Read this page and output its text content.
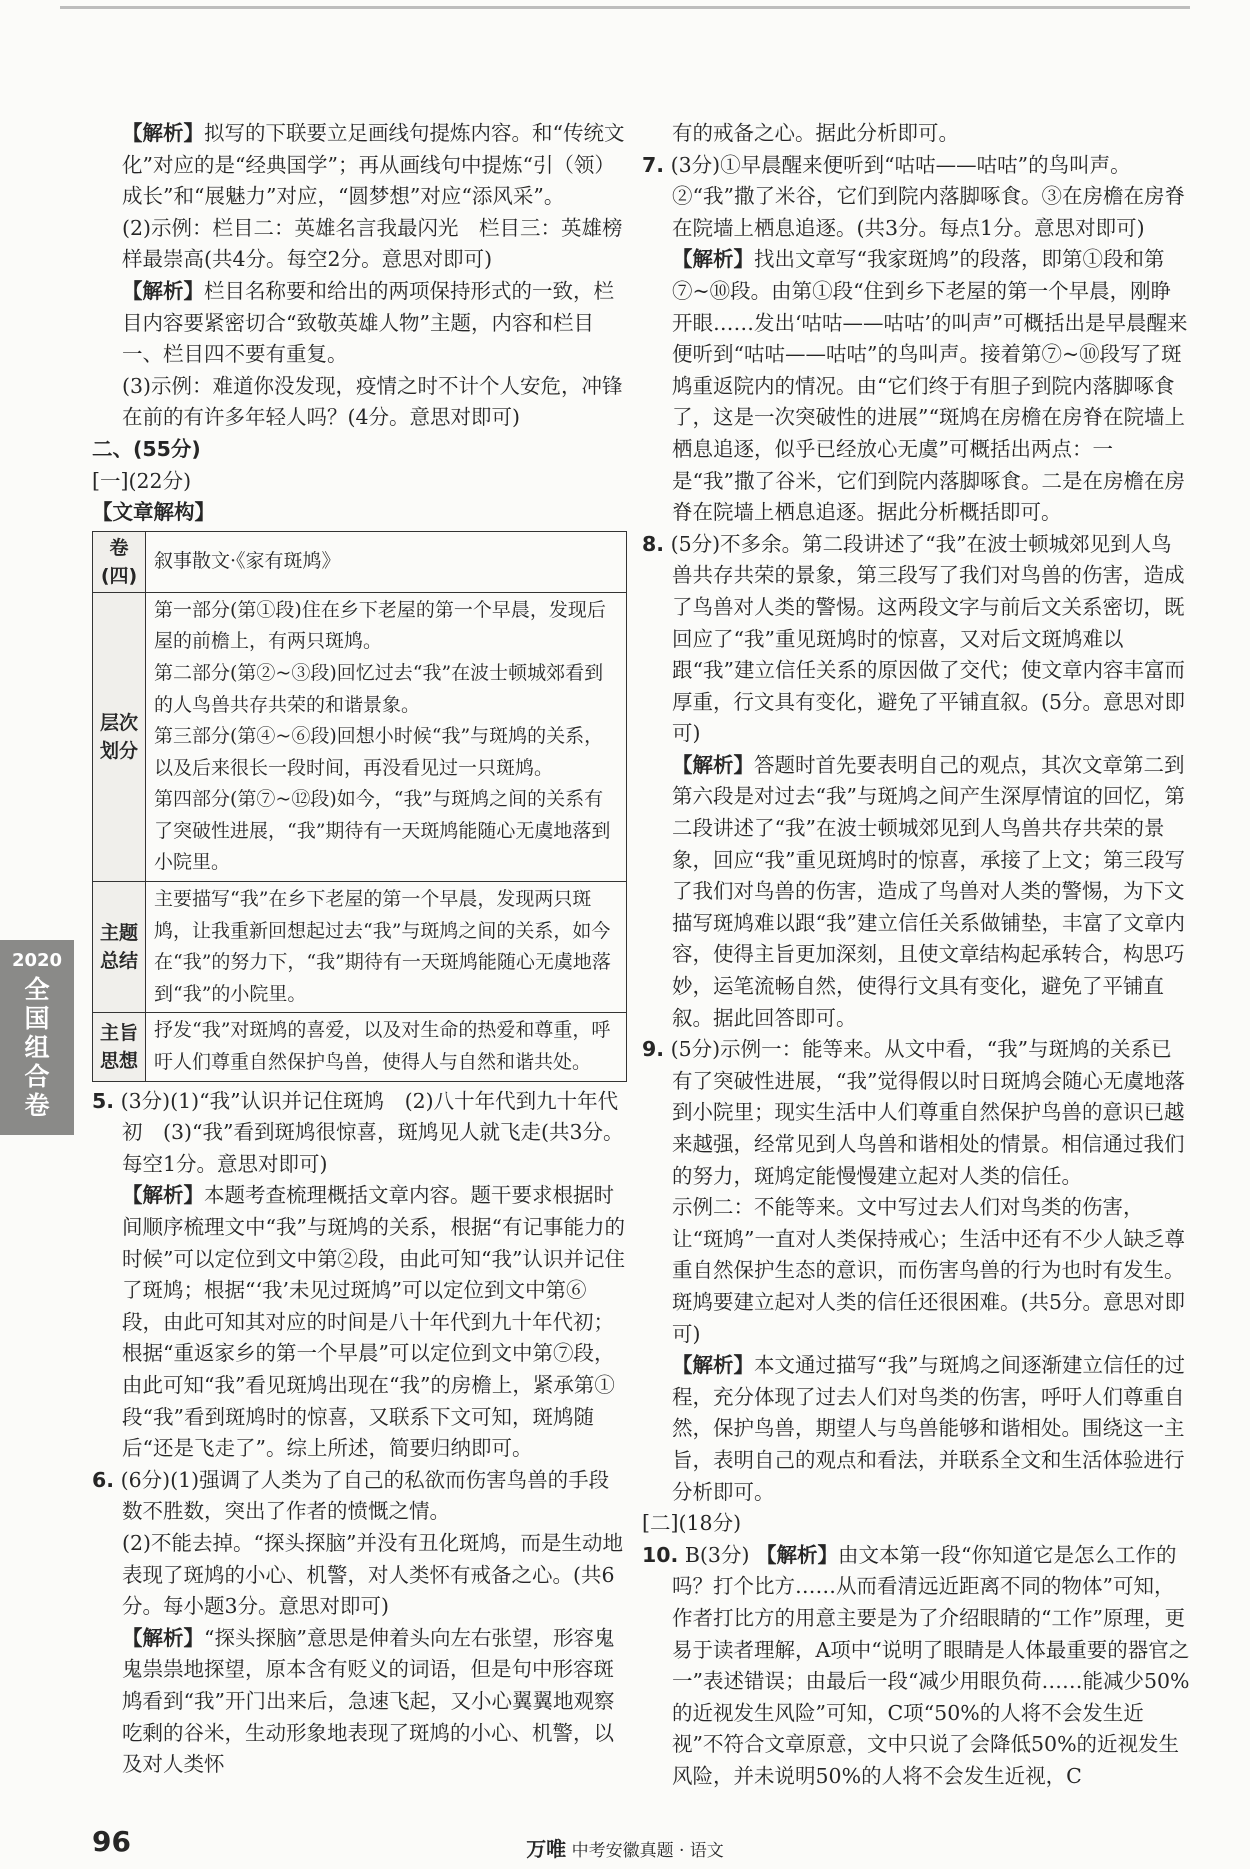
【解析】拟写的下联要立足画线句提炼内容。和“传统文化”对应的是“经典国学”；再从画线句中提炼“引（领）成长”和“展魅力”对应，“圆梦想”对应“添风采”。

(2)示例：栏目二：英雄名言我最闪光　栏目三：英雄榜样最崇高(共4分。每空2分。意思对即可)

【解析】栏目名称要和给出的两项保持形式的一致，栏目内容要紧密切合“致敬英雄人物”主题，内容和栏目一、栏目四不要有重复。

(3)示例：难道你没发现，疫情之时不计个人安危，冲锋在前的有许多年轻人吗？(4分。意思对即可)

二、(55分)

[一](22分)

【文章解构】

卷(四)	叙事散文·《家有斑鸠》
层次划分	第一部分(第①段)住在乡下老屋的第一个早晨，发现后屋的前檐上，有两只斑鸠。
第二部分(第②~③段)回忆过去“我”在波士顿城郊看到的人鸟兽共存共荣的和谐景象。
第三部分(第④~⑥段)回想小时候“我”与斑鸠的关系，以及后来很长一段时间，再没看见过一只斑鸠。
第四部分(第⑦~⑫段)如今，“我”与斑鸠之间的关系有了突破性进展，“我”期待有一天斑鸠能随心无虞地落到小院里。

主题总结	主要描写“我”在乡下老屋的第一个早晨，发现两只斑鸠，让我重新回想起过去“我”与斑鸠之间的关系，如今在“我”的努力下，“我”期待有一天斑鸠能随心无虞地落到“我”的小院里。
主旨思想	抒发“我”对斑鸠的喜爱，以及对生命的热爱和尊重，呼吁人们尊重自然保护鸟兽，使得人与自然和谐共处。

5. (3分)(1)“我”认识并记住斑鸠　(2)八十年代到九十年代初　(3)“我”看到斑鸠很惊喜，斑鸠见人就飞走(共3分。每空1分。意思对即可)

【解析】本题考查梳理概括文章内容。题干要求根据时间顺序梳理文中“我”与斑鸠的关系，根据“有记事能力的时候”可以定位到文中第②段，由此可知“我”认识并记住了斑鸠；根据“‘我’未见过斑鸠”可以定位到文中第⑥段，由此可知其对应的时间是八十年代到九十年代初；根据“重返家乡的第一个早晨”可以定位到文中第⑦段，由此可知“我”看见斑鸠出现在“我”的房檐上，紧承第①段“我”看到斑鸠时的惊喜，又联系下文可知，斑鸠随后“还是飞走了”。综上所述，简要归纳即可。

6. (6分)(1)强调了人类为了自己的私欲而伤害鸟兽的手段数不胜数，突出了作者的愤慨之情。

(2)不能去掉。“探头探脑”并没有丑化斑鸠，而是生动地表现了斑鸠的小心、机警，对人类怀有戒备之心。(共6分。每小题3分。意思对即可)

【解析】“探头探脑”意思是伸着头向左右张望，形容鬼鬼祟祟地探望，原本含有贬义的词语，但是句中形容斑鸠看到“我”开门出来后，急速飞起，又小心翼翼地观察吃剩的谷米，生动形象地表现了斑鸠的小心、机警，以及对人类怀

有的戒备之心。据此分析即可。

7. (3分)①早晨醒来便听到“咕咕——咕咕”的鸟叫声。②“我”撒了米谷，它们到院内落脚啄食。③在房檐在房脊在院墙上栖息追逐。(共3分。每点1分。意思对即可)

【解析】找出文章写“我家斑鸠”的段落，即第①段和第⑦~⑩段。由第①段“住到乡下老屋的第一个早晨，刚睁开眼……发出‘咕咕——咕咕’的叫声”可概括出是早晨醒来便听到“咕咕——咕咕”的鸟叫声。接着第⑦~⑩段写了斑鸠重返院内的情况。由“它们终于有胆子到院内落脚啄食了，这是一次突破性的进展”“斑鸠在房檐在房脊在院墙上栖息追逐，似乎已经放心无虞”可概括出两点：一是“我”撒了谷米，它们到院内落脚啄食。二是在房檐在房脊在院墙上栖息追逐。据此分析概括即可。

8. (5分)不多余。第二段讲述了“我”在波士顿城郊见到人鸟兽共存共荣的景象，第三段写了我们对鸟兽的伤害，造成了鸟兽对人类的警惕。这两段文字与前后文关系密切，既回应了“我”重见斑鸠时的惊喜，又对后文斑鸠难以跟“我”建立信任关系的原因做了交代；使文章内容丰富而厚重，行文具有变化，避免了平铺直叙。(5分。意思对即可)

【解析】答题时首先要表明自己的观点，其次文章第二到第六段是对过去“我”与斑鸠之间产生深厚情谊的回忆，第二段讲述了“我”在波士顿城郊见到人鸟兽共存共荣的景象，回应“我”重见斑鸠时的惊喜，承接了上文；第三段写了我们对鸟兽的伤害，造成了鸟兽对人类的警惕，为下文描写斑鸠难以跟“我”建立信任关系做铺垫，丰富了文章内容，使得主旨更加深刻，且使文章结构起承转合，构思巧妙，运笔流畅自然，使得行文具有变化，避免了平铺直叙。据此回答即可。

9. (5分)示例一：能等来。从文中看，“我”与斑鸠的关系已有了突破性进展，“我”觉得假以时日斑鸠会随心无虞地落到小院里；现实生活中人们尊重自然保护鸟兽的意识已越来越强，经常见到人鸟兽和谐相处的情景。相信通过我们的努力，斑鸠定能慢慢建立起对人类的信任。

示例二：不能等来。文中写过去人们对鸟类的伤害，让“斑鸠”一直对人类保持戒心；生活中还有不少人缺乏尊重自然保护生态的意识，而伤害鸟兽的行为也时有发生。斑鸠要建立起对人类的信任还很困难。(共5分。意思对即可)

【解析】本文通过描写“我”与斑鸠之间逐渐建立信任的过程，充分体现了过去人们对鸟类的伤害，呼吁人们尊重自然，保护鸟兽，期望人与鸟兽能够和谐相处。围绕这一主旨，表明自己的观点和看法，并联系全文和生活体验进行分析即可。

[二](18分)

10. B(3分) 【解析】由文本第一段“你知道它是怎么工作的吗？打个比方……从而看清远近距离不同的物体”可知，作者打比方的用意主要是为了介绍眼睛的“工作”原理，更易于读者理解，A项中“说明了眼睛是人体最重要的器官之一”表述错误；由最后一段“减少用眼负荷……能减少50%的近视发生风险”可知，C项“50%的人将不会发生近视”不符合文章原意，文中只说了会降低50%的近视发生风险，并未说明50%的人将不会发生近视，C

2020
全国组合卷
96	万唯 中考安徽真题 · 语文
